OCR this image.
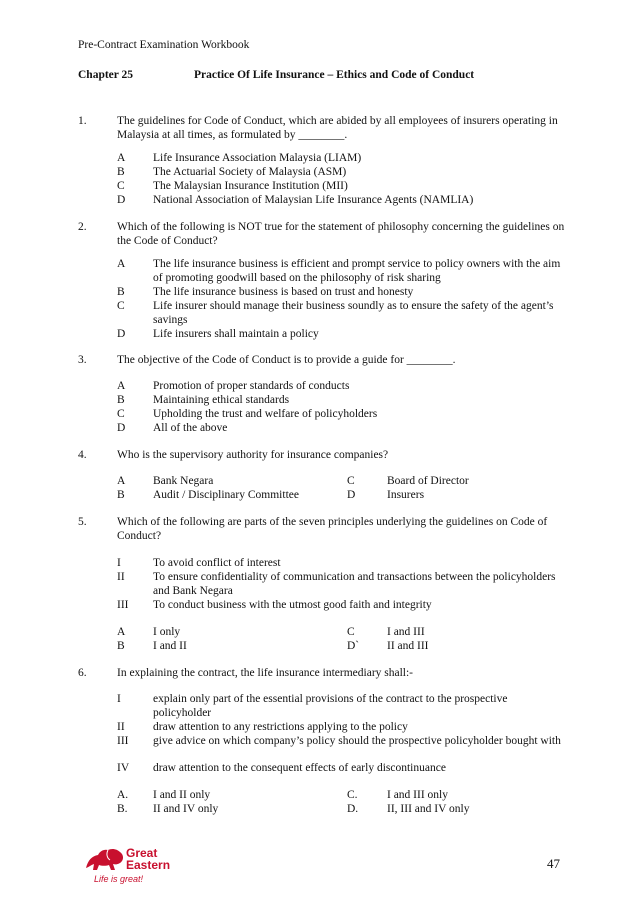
Pre-Contract Examination Workbook
Chapter 25	Practice Of Life Insurance – Ethics and Code of Conduct
1.	The guidelines for Code of Conduct, which are abided by all employees of insurers operating in Malaysia at all times, as formulated by ________.
A Life Insurance Association Malaysia (LIAM)
B The Actuarial Society of Malaysia (ASM)
C The Malaysian Insurance Institution (MII)
D National Association of Malaysian Life Insurance Agents (NAMLIA)
2.	Which of the following is NOT true for the statement of philosophy concerning the guidelines on the Code of Conduct?
A The life insurance business is efficient and prompt service to policy owners with the aim of promoting goodwill based on the philosophy of risk sharing
B The life insurance business is based on trust and honesty
C Life insurer should manage their business soundly as to ensure the safety of the agent’s savings
D Life insurers shall maintain a policy
3.	The objective of the Code of Conduct is to provide a guide for ________.
A Promotion of proper standards of conducts
B Maintaining ethical standards
C Upholding the trust and welfare of policyholders
D All of the above
4.	Who is the supervisory authority for insurance companies?
A Bank Negara	C	Board of Director
B Audit / Disciplinary Committee	D	Insurers
5.	Which of the following are parts of the seven principles underlying the guidelines on Code of Conduct?
I	To avoid conflict of interest
II To ensure confidentiality of communication and transactions between the policyholders and Bank Negara
III To conduct business with the utmost good faith and integrity
A I only	C	I and III
B I and II	D` II and III
6.	In explaining the contract, the life insurance intermediary shall:-
I	explain only part of the essential provisions of the contract to the prospective policyholder
II draw attention to any restrictions applying to the policy
III give advice on which company’s policy should the prospective policyholder bought with
IV draw attention to the consequent effects of early discontinuance
A. I and II only	C.	I and III only
B. II and IV only	D.	II, III and IV only
Great
Eastern
Life is great!
47
